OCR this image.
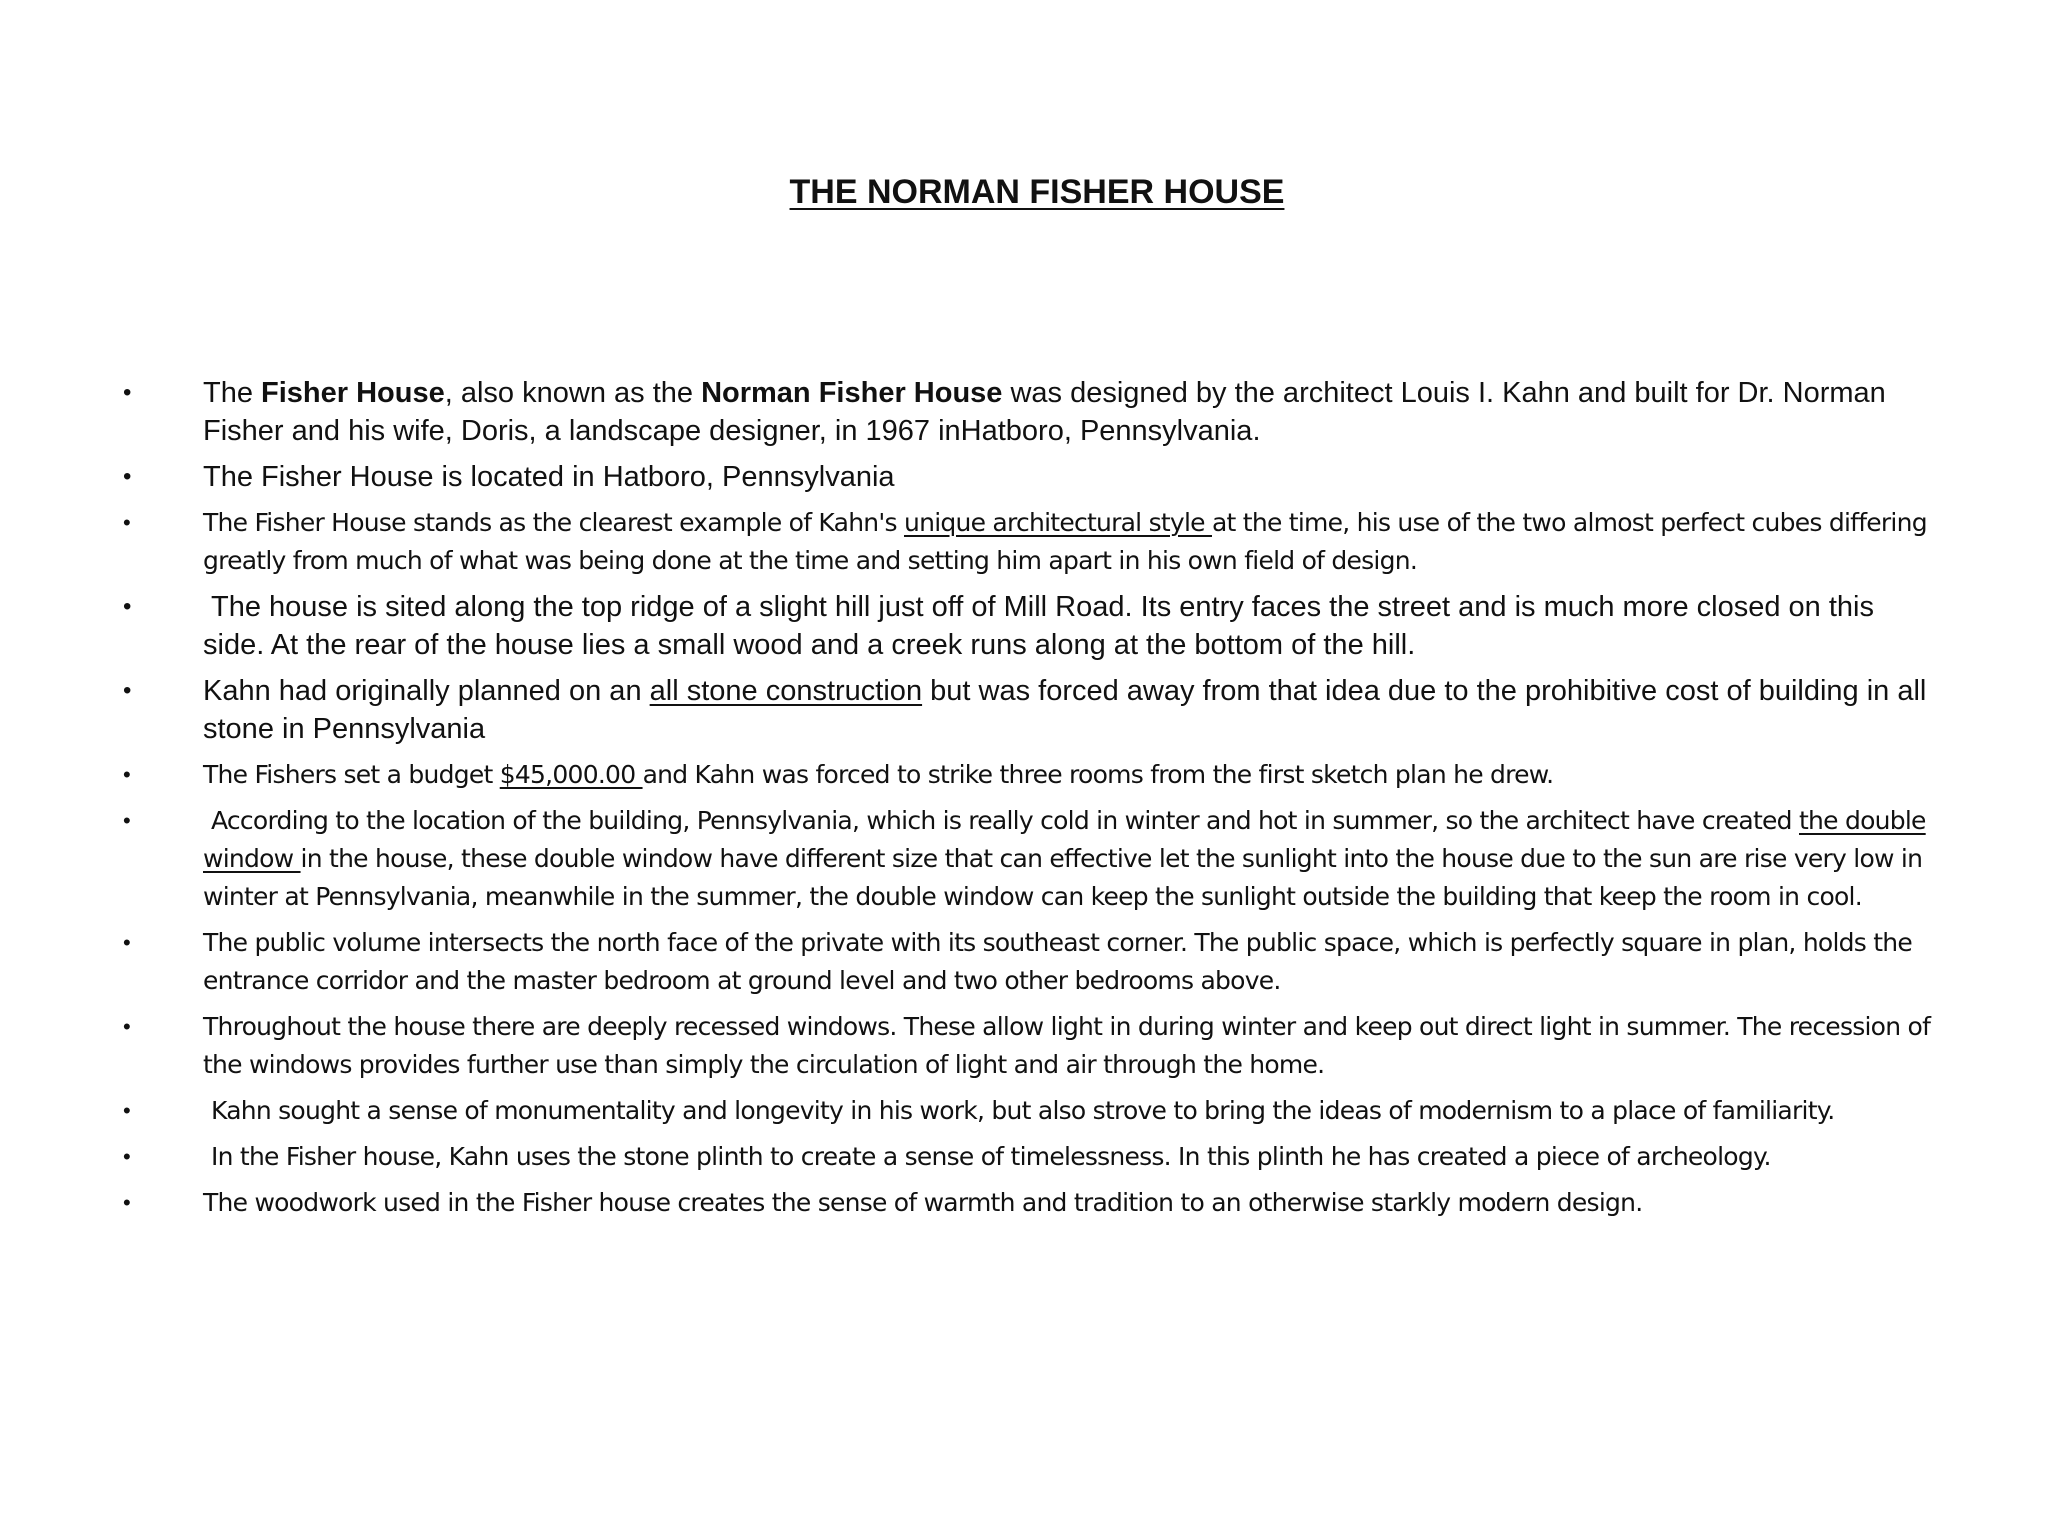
THE NORMAN FISHER HOUSE
• The Fisher House, also known as the Norman Fisher House was designed by the architect Louis I. Kahn and built for Dr. Norman Fisher and his wife, Doris, a landscape designer, in 1967 inHatboro, Pennsylvania.
• The Fisher House is located in Hatboro, Pennsylvania
•	The Fisher House stands as the clearest example of Kahn's unique architectural style at the time, his use of the two almost perfect cubes differing greatly from much of what was being done at the time and setting him apart in his own field of design.
•	The house is sited along the top ridge of a slight hill just off of Mill Road. Its entry faces the street and is much more closed on this side. At the rear of the house lies a small wood and a creek runs along at the bottom of the hill.
• Kahn had originally planned on an all stone construction but was forced away from that idea due to the prohibitive cost of building in all stone in Pennsylvania
•	The Fishers set a budget $45,000.00 and Kahn was forced to strike three rooms from the first sketch plan he drew.
•	According to the location of the building, Pennsylvania, which is really cold in winter and hot in summer, so the architect have created the double window in the house, these double window have different size that can effective let the sunlight into the house due to the sun are rise very low in winter at Pennsylvania, meanwhile in the summer, the double window can keep the sunlight outside the building that keep the room in cool.
•	The public volume intersects the north face of the private with its southeast corner. The public space, which is perfectly square in plan, holds the entrance corridor and the master bedroom at ground level and two other bedrooms above.
•	Throughout the house there are deeply recessed windows. These allow light in during winter and keep out direct light in summer. The recession of the windows provides further use than simply the circulation of light and air through the home.
•	Kahn sought a sense of monumentality and longevity in his work, but also strove to bring the ideas of modernism to a place of familiarity.
•	In the Fisher house, Kahn uses the stone plinth to create a sense of timelessness. In this plinth he has created a piece of archeology.
•	The woodwork used in the Fisher house creates the sense of warmth and tradition to an otherwise starkly modern design.
